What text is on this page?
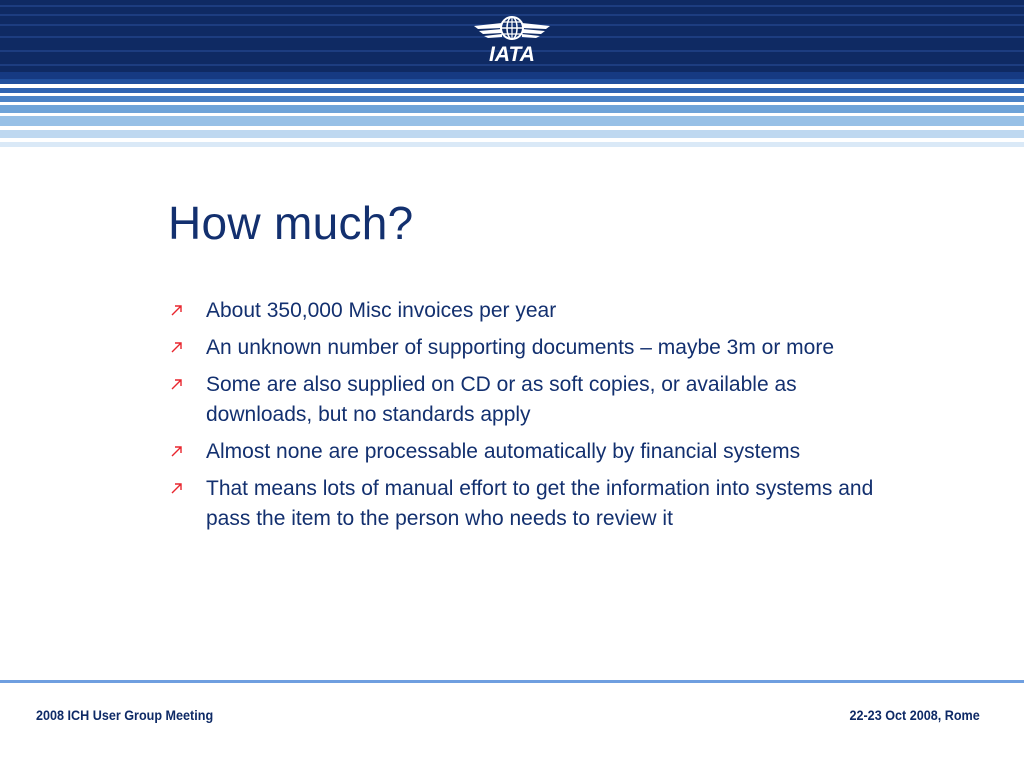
IATA
How much?
About 350,000 Misc invoices per year
An unknown number of supporting documents – maybe 3m or more
Some are also supplied on CD or as soft copies, or available as downloads, but no standards apply
Almost none are processable automatically by financial systems
That means lots of manual effort to get the information into systems and pass the item to the person who needs to review it
2008 ICH User Group Meeting	22-23 Oct 2008, Rome
